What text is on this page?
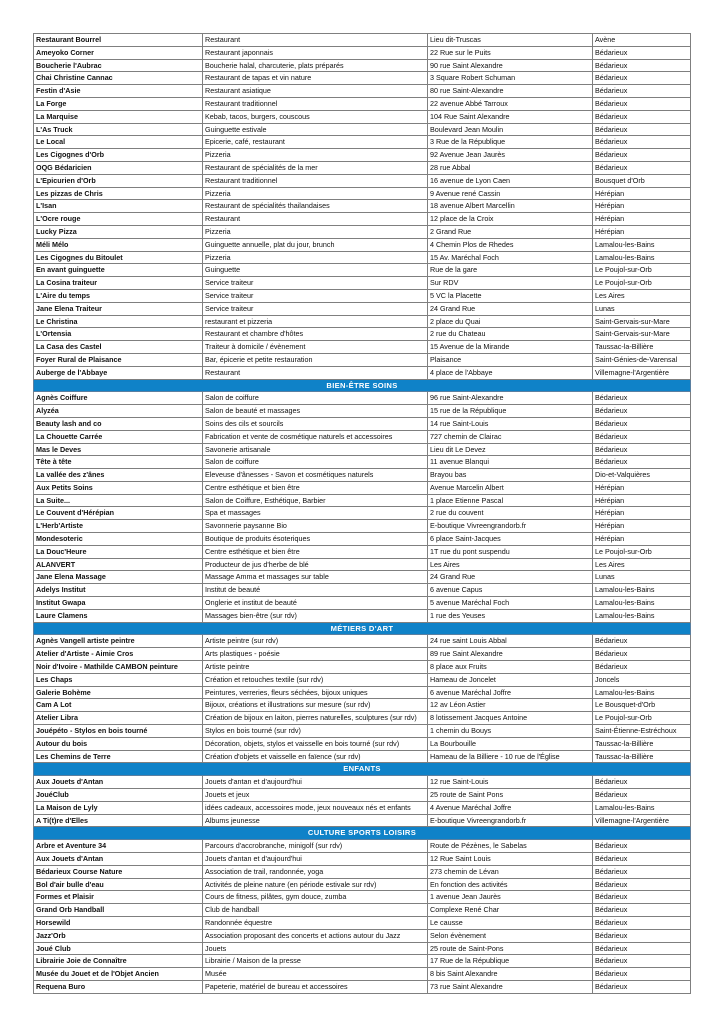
Restaurant Bourrel	Restaurant	Lieu dit-Truscas	Avène
Ameyoko Corner	Restaurant japonnais	22 Rue sur le Puits	Bédarieux
Boucherie l'Aubrac	Boucherie halal, charcuterie, plats préparés	90 rue Saint Alexandre	Bédarieux
Chai Christine Cannac	Restaurant de tapas et vin nature	3 Square Robert Schuman	Bédarieux
Festin d'Asie	Restaurant asiatique	80 rue Saint-Alexandre	Bédarieux
La Forge	Restaurant traditionnel	22 avenue Abbé Tarroux	Bédarieux
La Marquise	Kebab, tacos, burgers, couscous	104 Rue Saint Alexandre	Bédarieux
L'As Truck	Guinguette estivale	Boulevard Jean Moulin	Bédarieux
Le Local	Epicerie, café, restaurant	3 Rue de la République	Bédarieux
Les Cigognes d'Orb	Pizzeria	92 Avenue Jean Jaurès	Bédarieux
OQG Bédaricien	Restaurant de spécialités de la mer	28 rue Abbal	Bédarieux
L'Epicurien d'Orb	Restaurant traditionnel	16 avenue de Lyon Caen	Bousquet d'Orb
Les pizzas de Chris	Pizzeria	9 Avenue rené Cassin	Hérépian
L'Isan	Restaurant de spécialités thailandaises	18 avenue Albert Marcellin	Hérépian
L'Ocre rouge	Restaurant	12 place de la Croix	Hérépian
Lucky Pizza	Pizzeria	2 Grand Rue	Hérépian
Méli Mélo	Guinguette annuelle, plat du jour, brunch	4 Chemin Plos de Rhedes	Lamalou-les-Bains
Les Cigognes du Bitoulet	Pizzeria	15 Av. Maréchal Foch	Lamalou-les-Bains
En avant guinguette	Guinguette	Rue de la gare	Le Poujol-sur-Orb
La Cosina traiteur	Service traiteur	Sur RDV	Le Poujol-sur-Orb
L'Aire du temps	Service traiteur	5 VC la Placette	Les Aires
Jane Elena Traiteur	Service traiteur	24 Grand Rue	Lunas
Le Christina	restaurant et pizzeria	2 place du Quai	Saint-Gervais-sur-Mare
L'Ortensia	Restaurant et chambre d'hôtes	2 rue du Chateau	Saint-Gervais-sur-Mare
La Casa des Castel	Traiteur à domicile / évènement	15 Avenue de la Mirande	Taussac-la-Billière
Foyer Rural de Plaisance	Bar, épicerie et petite restauration	Plaisance	Saint-Génies-de-Varensal
Auberge de l'Abbaye	Restaurant	4 place de l'Abbaye	Villemagne-l'Argentière
BIEN-ÊTRE SOINS			
Agnès Coiffure	Salon de coiffure	96 rue Saint-Alexandre	Bédarieux
Alyzéa	Salon de beauté et massages	15 rue de la République	Bédarieux
Beauty lash and co	Soins des cils et sourcils	14 rue Saint-Louis	Bédarieux
La Chouette Carrée	Fabrication et vente de cosmétique naturels et accessoires	727 chemin de Clairac	Bédarieux
Mas le Deves	Savonerie artisanale	Lieu dit Le Devez	Bédarieux
Tête à tête	Salon de coiffure	11 avenue Blanqui	Bédarieux
La vallée des z'ânes	Eleveuse d'ânesses - Savon et cosmétiques naturels	Brayou bas	Dio-et-Valquières
Aux Petits Soins	Centre esthétique et bien être	Avenue Marcelin Albert	Hérépian
La Suite...	Salon de Coiffure, Esthétique, Barbier	1 place Etienne Pascal	Hérépian
Le Couvent d'Hérépian	Spa et massages	2 rue du couvent	Hérépian
L'Herb'Artiste	Savonnerie paysanne Bio	E-boutique Vivreengrandorb.fr	Hérépian
Mondesoteric	Boutique de produits ésoteriques	6 place Saint-Jacques	Hérépian
La Douc'Heure	Centre esthétique et bien être	1T rue du pont suspendu	Le Poujol-sur-Orb
ALANVERT	Producteur de jus d'herbe de blé	Les Aires	Les Aires
Jane Elena Massage	Massage Amma et massages sur table	24 Grand Rue	Lunas
Adelys Institut	Institut de beauté	6 avenue Capus	Lamalou-les-Bains
Institut Gwapa	Onglerie et institut de beauté	5 avenue Maréchal Foch	Lamalou-les-Bains
Laure Clamens	Massages bien-être (sur rdv)	1 rue des Yeuses	Lamalou-les-Bains
MÉTIERS D'ART			
Agnès Vangell artiste peintre	Artiste peintre (sur rdv)	24 rue saint Louis Abbal	Bédarieux
Atelier d'Artiste - Aimie Cros	Arts plastiques - poésie	89 rue Saint Alexandre	Bédarieux
Noir d'Ivoire - Mathilde CAMBON peinture	Artiste peintre	8 place aux Fruits	Bédarieux
Les Chaps	Création et retouches textile (sur rdv)	Hameau de Joncelet	Joncels
Galerie Bohème	Peintures, verreries, fleurs séchées, bijoux uniques	6 avenue Maréchal Joffre	Lamalou-les-Bains
Cam A Lot	Bijoux, créations et illustrations sur mesure (sur rdv)	12 av Léon Astier	Le Bousquet-d'Orb
Atelier Libra	Création de bijoux en laiton, pierres naturelles, sculptures (sur rdv)	8 lotissement Jacques Antoine	Le Poujol-sur-Orb
Jouépéto - Stylos en bois tourné	Stylos en bois tourné (sur rdv)	1 chemin du Bouys	Saint-Étienne-Estréchoux
Autour du bois	Décoration, objets, stylos et vaisselle en bois tourné (sur rdv)	La Bourbouille	Taussac-la-Billière
Les Chemins de Terre	Création d'objets et vaisselle en faïence (sur rdv)	Hameau de la Billiere - 10 rue de l'Église	Taussac-la-Billière
ENFANTS			
Aux Jouets d'Antan	Jouets d'antan et d'aujourd'hui	12 rue Saint-Louis	Bédarieux
JouéClub	Jouets et jeux	25 route de Saint Pons	Bédarieux
La Maison de Lyly	idées cadeaux, accessoires mode, jeux nouveaux nés et enfants	4 Avenue Maréchal Joffre	Lamalou-les-Bains
A Ti(t)re d'Elles	Albums jeunesse	E-boutique Vivreengrandorb.fr	Villemagne-l'Argentière
CULTURE SPORTS LOISIRS			
Arbre et Aventure 34	Parcours d'accrobranche, minigolf (sur rdv)	Route de Pézènes, le Sabelas	Bédarieux
Aux Jouets d'Antan	Jouets d'antan et d'aujourd'hui	12 Rue Saint Louis	Bédarieux
Bédarieux Course Nature	Association de trail, randonnée, yoga	273 chemin de Lévan	Bédarieux
Bol d'air bulle d'eau	Activités de pleine nature (en période estivale sur rdv)	En fonction des activités	Bédarieux
Formes et Plaisir	Cours de fitness, pilâtes, gym douce, zumba	1 avenue Jean Jaurès	Bédarieux
Grand Orb Handball	Club de handball	Complexe René Char	Bédarieux
Horsewild	Randonnée équestre	Le causse	Bédarieux
Jazz'Orb	Association proposant des concerts et actions autour du Jazz	Selon évènement	Bédarieux
Joué Club	Jouets	25 route de Saint-Pons	Bédarieux
Librairie Joie de Connaître	Librairie / Maison de la presse	17 Rue de la République	Bédarieux
Musée du Jouet et de l'Objet Ancien	Musée	8 bis Saint Alexandre	Bédarieux
Requena Buro	Papeterie, matériel de bureau et accessoires	73 rue Saint Alexandre	Bédarieux
